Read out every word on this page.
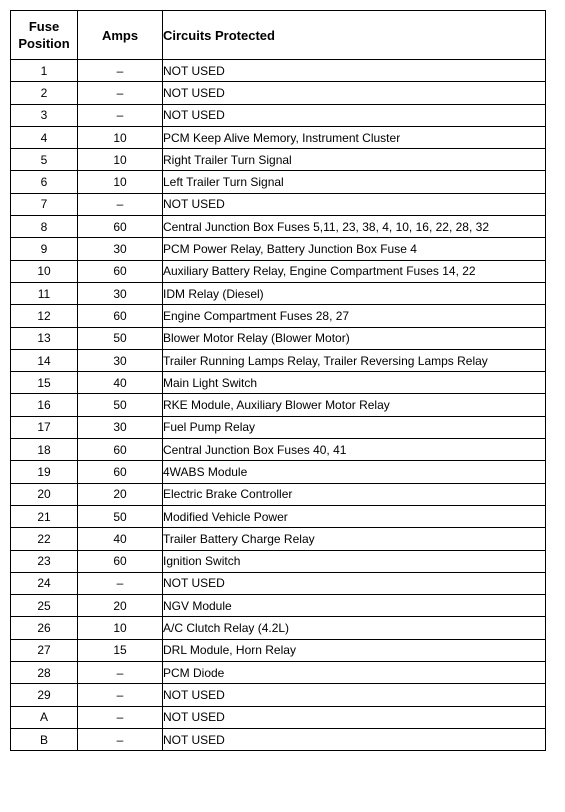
Fuse
Position	Amps	Circuits Protected
1	–	NOT USED
2	–	NOT USED
3	–	NOT USED
4	10	PCM Keep Alive Memory, Instrument Cluster
5	10	Right Trailer Turn Signal
6	10	Left Trailer Turn Signal
7	–	NOT USED
8	60	Central Junction Box Fuses 5,11, 23, 38, 4, 10, 16, 22, 28, 32
9	30	PCM Power Relay, Battery Junction Box Fuse 4
10	60	Auxiliary Battery Relay, Engine Compartment Fuses 14, 22
11	30	IDM Relay (Diesel)
12	60	Engine Compartment Fuses 28, 27
13	50	Blower Motor Relay (Blower Motor)
14	30	Trailer Running Lamps Relay, Trailer Reversing Lamps Relay
15	40	Main Light Switch
16	50	RKE Module, Auxiliary Blower Motor Relay
17	30	Fuel Pump Relay
18	60	Central Junction Box Fuses 40, 41
19	60	4WABS Module
20	20	Electric Brake Controller
21	50	Modified Vehicle Power
22	40	Trailer Battery Charge Relay
23	60	Ignition Switch
24	–	NOT USED
25	20	NGV Module
26	10	A/C Clutch Relay (4.2L)
27	15	DRL Module, Horn Relay
28	–	PCM Diode
29	–	NOT USED
A	–	NOT USED
B	–	NOT USED
